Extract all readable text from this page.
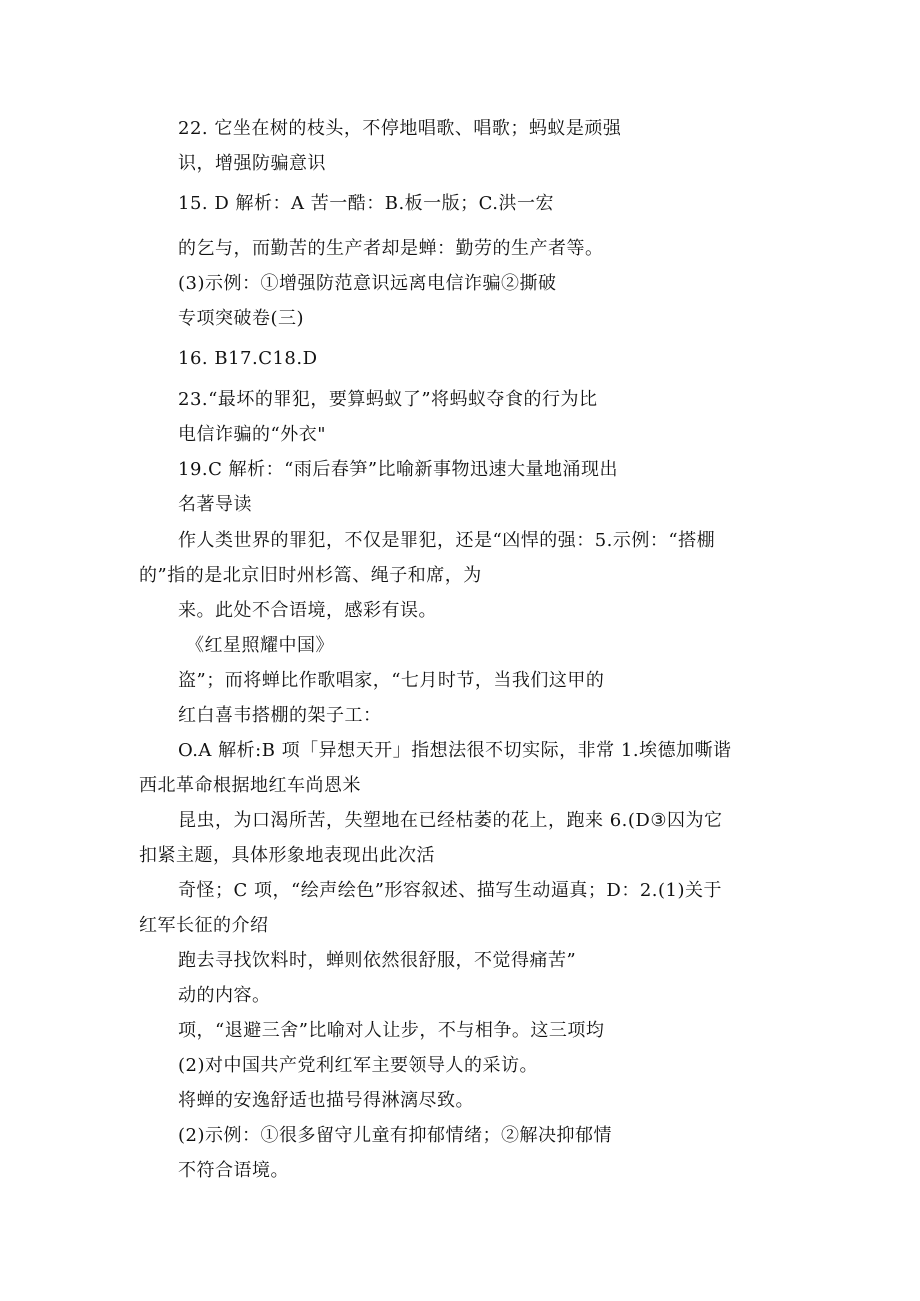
22. 它坐在树的枝头，不停地唱歌、唱歌；蚂蚁是顽强
识，增强防骗意识
15. D 解析：A 苦一酷：B.板一版；C.洪一宏
的乞与，而勤苦的生产者却是蝉：勤劳的生产者等。
(3)示例：①增强防范意识远离电信诈骗②撕破
专项突破卷(三)
16. B17.C18.D
23.“最坏的罪犯，要算蚂蚁了”将蚂蚁夺食的行为比
电信诈骗的“外衣"
19.C 解析：“雨后春笋”比喻新事物迅速大量地涌现出
名著导读
作人类世界的罪犯，不仅是罪犯，还是“凶悍的强：5.示例：“搭棚
的”指的是北京旧时州杉篙、绳子和席，为
来。此处不合语境，感彩有误。
《红星照耀中国》
盗”；而将蝉比作歌唱家，“七月时节，当我们这甲的
红白喜韦搭棚的架子工：
O.A 解析:B 项「异想天开」指想法很不切实际，非常 1.埃德加嘶谐
西北革命根据地红车尚恩米
昆虫，为口渴所苦，失塑地在已经枯萎的花上，跑来 6.(D③囚为它
扣紧主题，具体形象地表现出此次活
奇怪；C 项，“绘声绘色”形容叙述、描写生动逼真；D：2.(1)关于
红军长征的介绍
跑去寻找饮料时，蝉则依然很舒服，不觉得痛苦”
动的内容。
项，“退避三舍”比喻对人让步，不与相争。这三项均
(2)对中国共产党利红军主要领导人的采访。
将蝉的安逸舒适也描号得淋漓尽致。
(2)示例：①很多留守儿童有抑郁情绪；②解决抑郁情
不符合语境。
